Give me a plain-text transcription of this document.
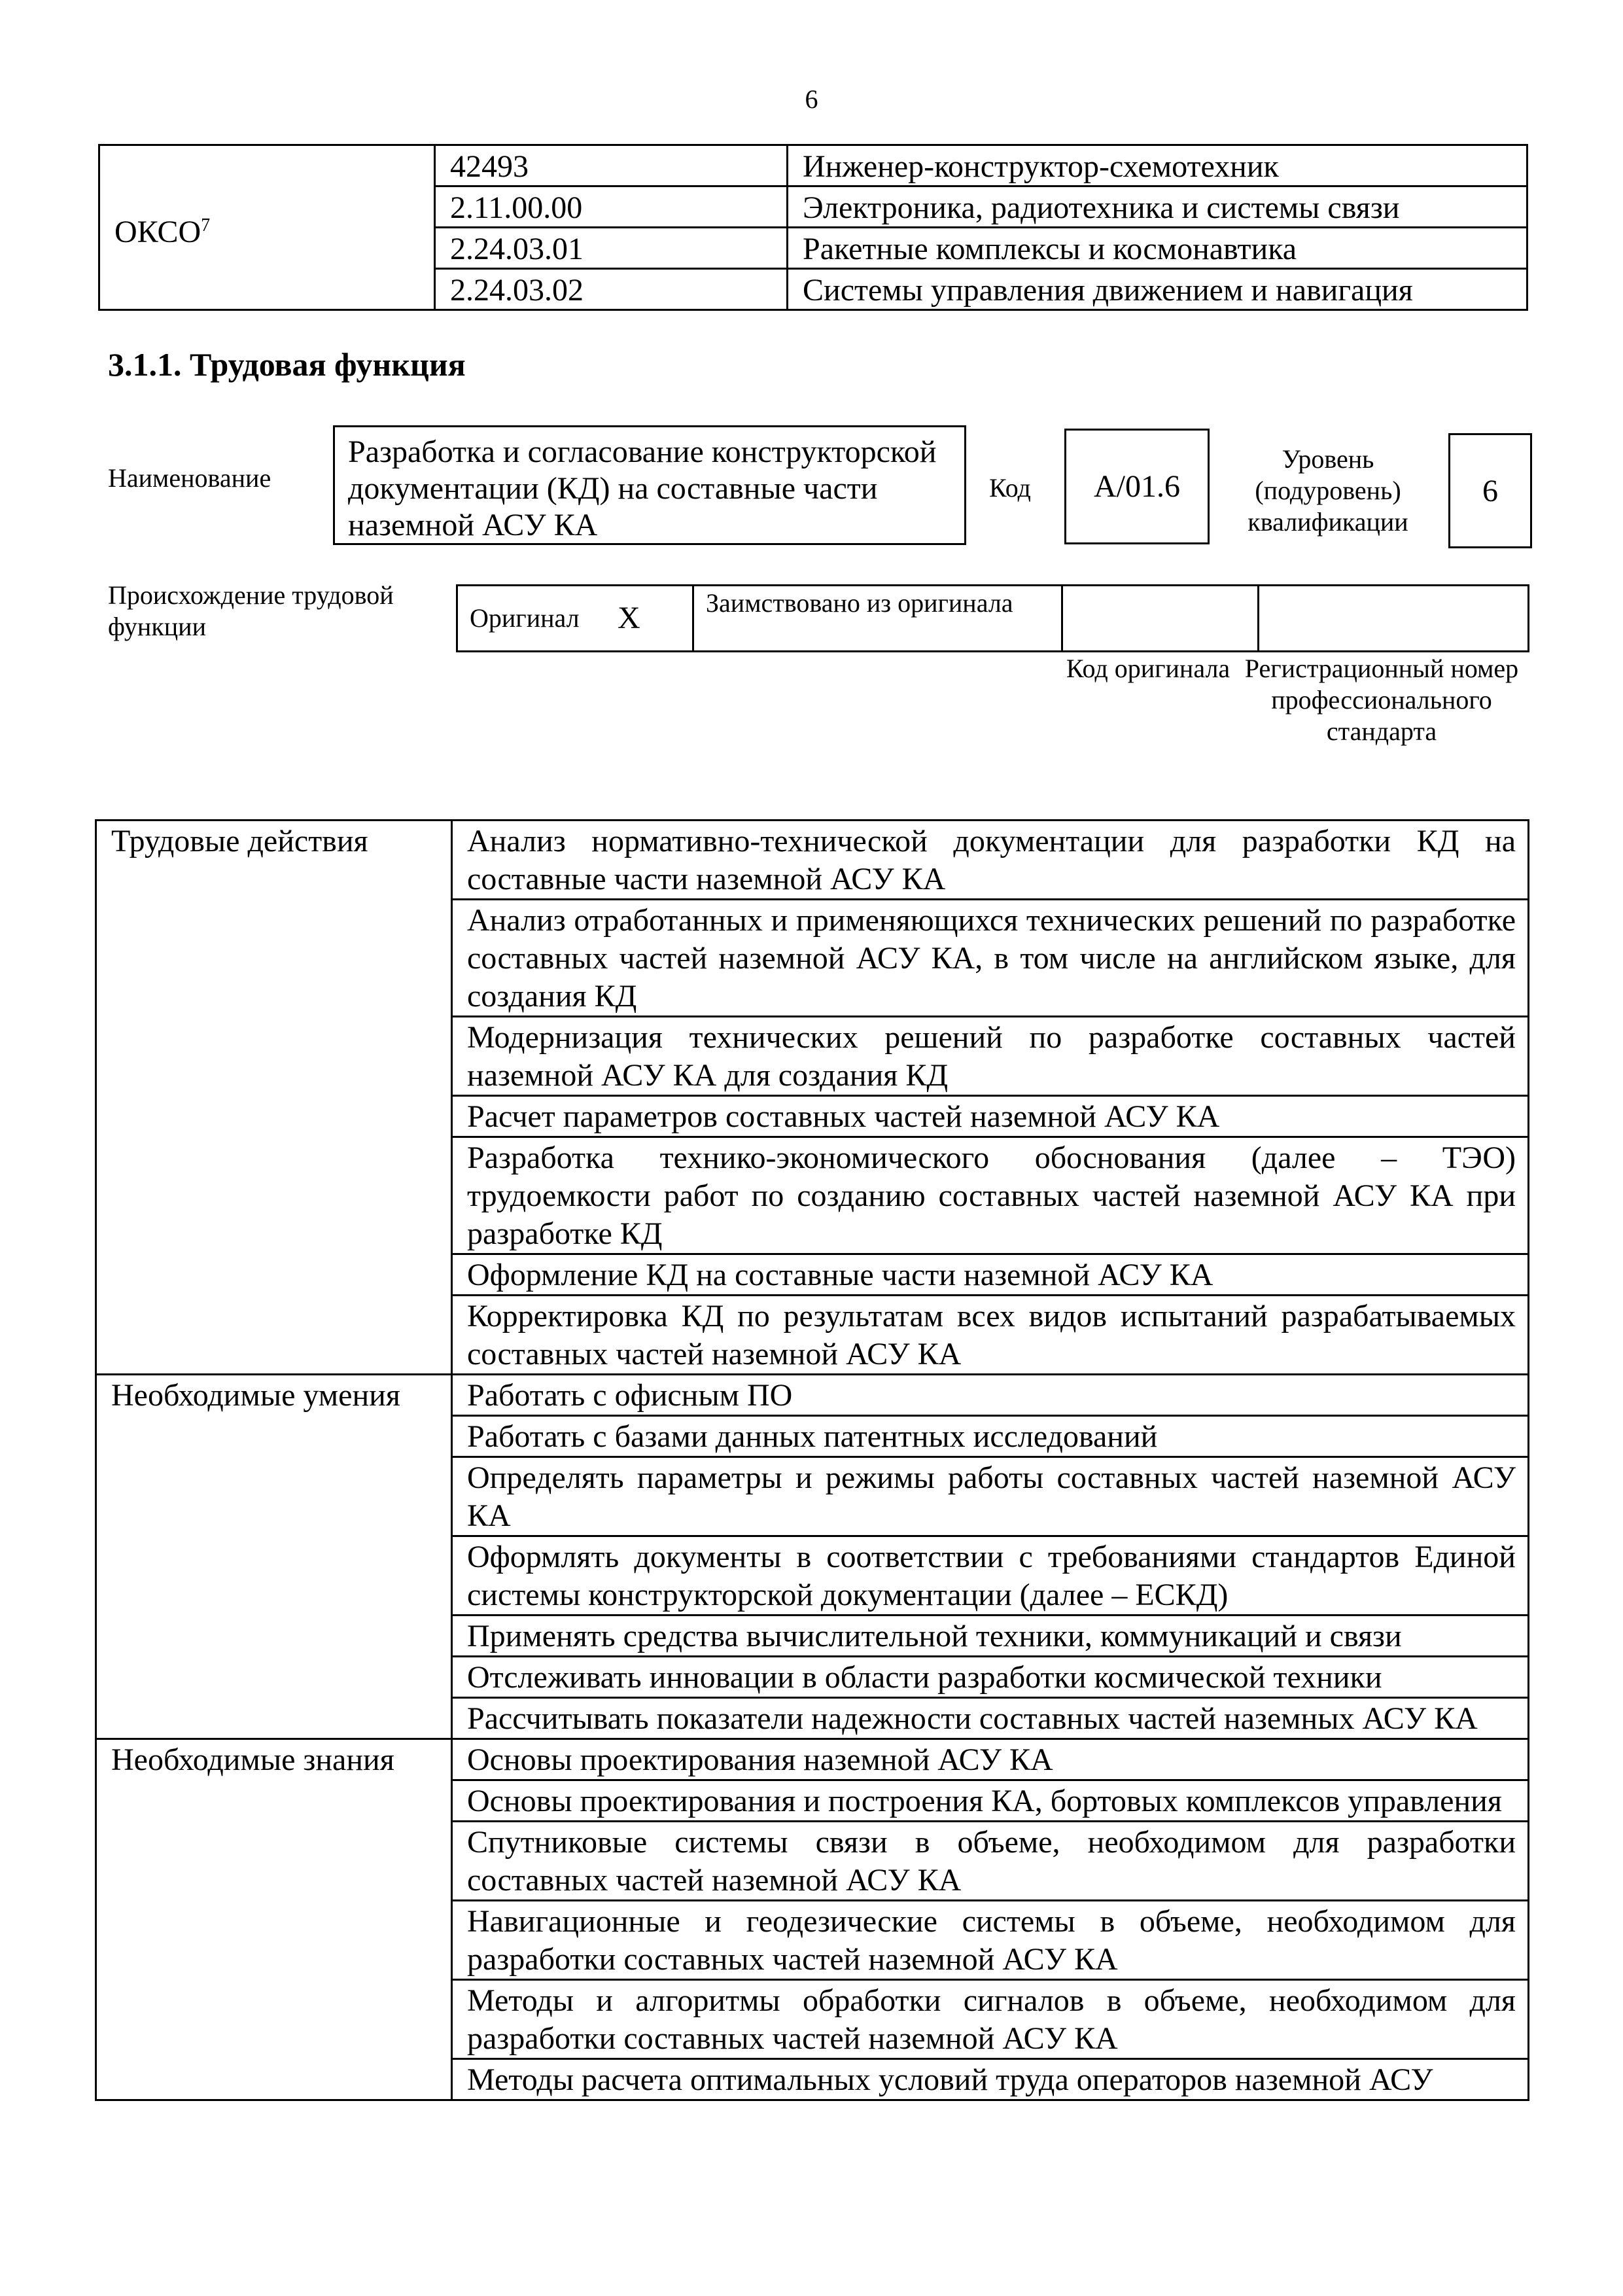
6
ОКСО$^7$	42493	Инженер-конструктор-схемотехник
	2.11.00.00	Электроника, радиотехника и системы связи
	2.24.03.01	Ракетные комплексы и космонавтика
	2.24.03.02	Системы управления движением и навигация
3.1.1. Трудовая функция
Наименование
Разработка и согласование конструкторской документации (КД) на составные части наземной АСУ КА
Код	A/01.6
Уровень (подуровень) квалификации
6
Происхождение трудовой функции	Оригинал	X	Заимствовано из оригинала		
Код оригинала Регистрационный номер профессионального стандарта
Трудовые действия	Анализ нормативно-технической документации для разработки КД на составные части наземной АСУ КА
	Анализ отработанных и применяющихся технических решений по разработке составных частей наземной АСУ КА, в том числе на английском языке, для создания КД
	Модернизация технических решений по разработке составных частей наземной АСУ КА для создания КД
	Расчет параметров составных частей наземной АСУ КА
	Разработка технико-экономического обоснования (далее – ТЭО) трудоемкости работ по созданию составных частей наземной АСУ КА при разработке КД
	Оформление КД на составные части наземной АСУ КА
	Корректировка КД по результатам всех видов испытаний разрабатываемых составных частей наземной АСУ КА
Необходимые умения	Работать с офисным ПО
	Работать с базами данных патентных исследований
	Определять параметры и режимы работы составных частей наземной АСУ КА
	Оформлять документы в соответствии с требованиями стандартов Единой системы конструкторской документации (далее – ЕСКД)
	Применять средства вычислительной техники, коммуникаций и связи
	Отслеживать инновации в области разработки космической техники
	Рассчитывать показатели надежности составных частей наземных АСУ КА
Необходимые знания	Основы проектирования наземной АСУ КА
	Основы проектирования и построения КА, бортовых комплексов управления
	Спутниковые системы связи в объеме, необходимом для разработки составных частей наземной АСУ КА
	Навигационные и геодезические системы в объеме, необходимом для разработки составных частей наземной АСУ КА
	Методы и алгоритмы обработки сигналов в объеме, необходимом для разработки составных частей наземной АСУ КА
	Методы расчета оптимальных условий труда операторов наземной АСУ
